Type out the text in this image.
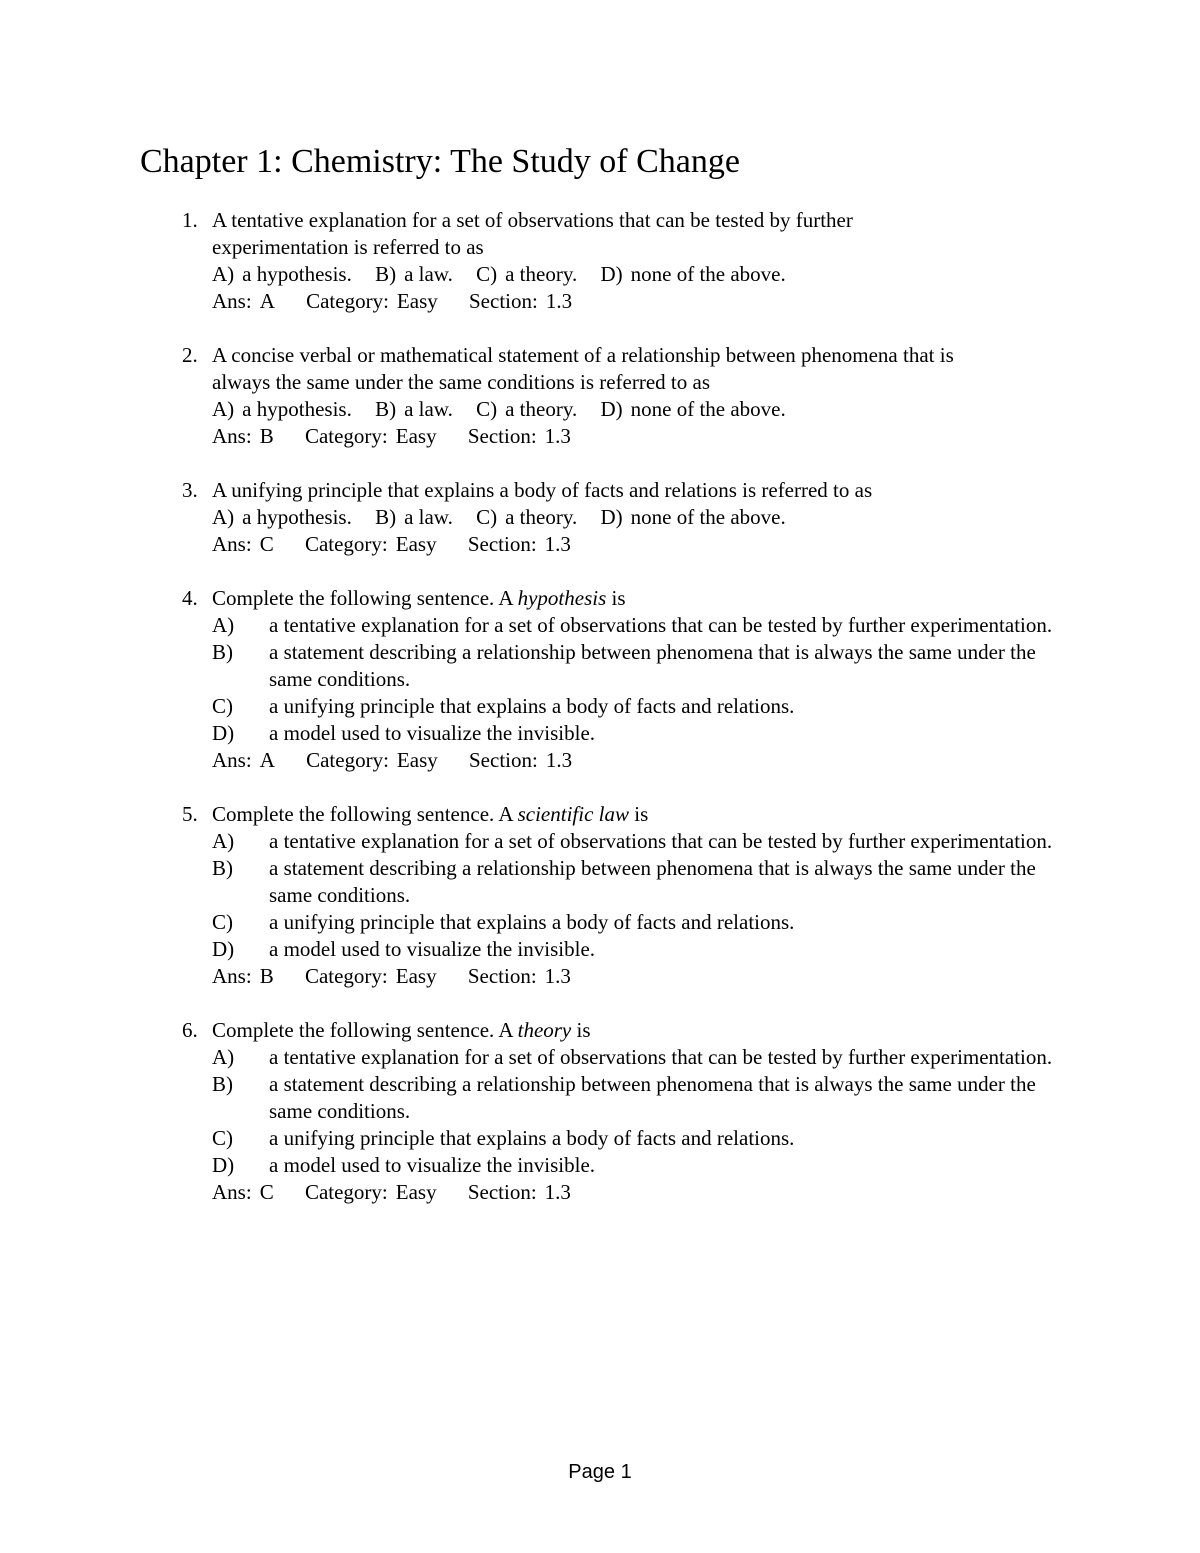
Chapter 1: Chemistry: The Study of Change
1. A tentative explanation for a set of observations that can be tested by further
experimentation is referred to as
A) a hypothesis. B) a law. C) a theory. D) none of the above.
Ans: A Category: Easy Section: 1.3
2. A concise verbal or mathematical statement of a relationship between phenomena that is
always the same under the same conditions is referred to as
A) a hypothesis. B) a law. C) a theory. D) none of the above.
Ans: B Category: Easy Section: 1.3
3. A unifying principle that explains a body of facts and relations is referred to as
A) a hypothesis. B) a law. C) a theory. D) none of the above.
Ans: C Category: Easy Section: 1.3
4. Complete the following sentence. A hypothesis is
A) a tentative explanation for a set of observations that can be tested by further experimentation.
B) a statement describing a relationship between phenomena that is always the same under the same conditions.
C) a unifying principle that explains a body of facts and relations.
D) a model used to visualize the invisible.
Ans: A Category: Easy Section: 1.3
5. Complete the following sentence. A scientific law is
A) a tentative explanation for a set of observations that can be tested by further experimentation.
B) a statement describing a relationship between phenomena that is always the same under the same conditions.
C) a unifying principle that explains a body of facts and relations.
D) a model used to visualize the invisible.
Ans: B Category: Easy Section: 1.3
6. Complete the following sentence. A theory is
A) a tentative explanation for a set of observations that can be tested by further experimentation.
B) a statement describing a relationship between phenomena that is always the same under the same conditions.
C) a unifying principle that explains a body of facts and relations.
D) a model used to visualize the invisible.
Ans: C Category: Easy Section: 1.3
Page 1
